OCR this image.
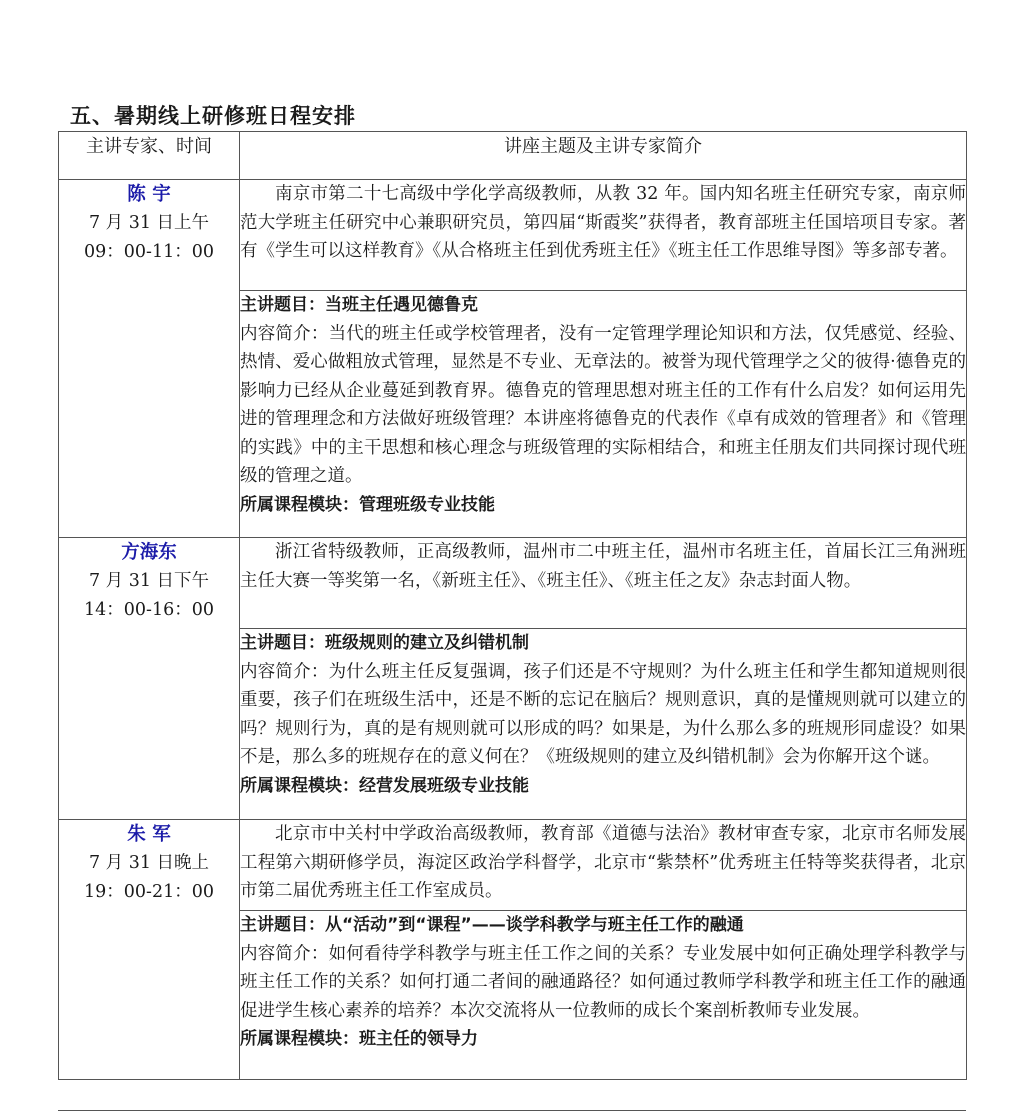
五、暑期线上研修班日程安排
主讲专家、时间	讲座主题及主讲专家简介

陈 宇
7 月 31 日上午
09：00-11：00	南京市第二十七高级中学化学高级教师，从教 32 年。国内知名班主任研究专家，南京师范大学班主任研究中心兼职研究员，第四届“斯霞奖”获得者，教育部班主任国培项目专家。著有《学生可以这样教育》《从合格班主任到优秀班主任》《班主任工作思维导图》等多部专著。

	主讲题目：当班主任遇见德鲁克

内容简介：当代的班主任或学校管理者，没有一定管理学理论知识和方法，仅凭感觉、经验、热情、爱心做粗放式管理，显然是不专业、无章法的。被誉为现代管理学之父的彼得·德鲁克的影响力已经从企业蔓延到教育界。德鲁克的管理思想对班主任的工作有什么启发？如何运用先进的管理理念和方法做好班级管理？本讲座将德鲁克的代表作《卓有成效的管理者》和《管理的实践》中的主干思想和核心理念与班级管理的实际相结合，和班主任朋友们共同探讨现代班级的管理之道。

所属课程模块：管理班级专业技能

方海东
7 月 31 日下午
14：00-16：00	浙江省特级教师，正高级教师，温州市二中班主任，温州市名班主任，首届长江三角洲班主任大赛一等奖第一名，《新班主任》、《班主任》、《班主任之友》杂志封面人物。

	主讲题目：班级规则的建立及纠错机制

内容简介：为什么班主任反复强调，孩子们还是不守规则？为什么班主任和学生都知道规则很重要，孩子们在班级生活中，还是不断的忘记在脑后？规则意识，真的是懂规则就可以建立的吗？规则行为，真的是有规则就可以形成的吗？如果是，为什么那么多的班规形同虚设？如果不是，那么多的班规存在的意义何在？《班级规则的建立及纠错机制》会为你解开这个谜。

所属课程模块：经营发展班级专业技能

朱 军
7 月 31 日晚上
19：00-21：00	北京市中关村中学政治高级教师，教育部《道德与法治》教材审查专家，北京市名师发展工程第六期研修学员，海淀区政治学科督学，北京市“紫禁杯”优秀班主任特等奖获得者，北京市第二届优秀班主任工作室成员。

	主讲题目：从“活动”到“课程”——谈学科教学与班主任工作的融通

内容简介：如何看待学科教学与班主任工作之间的关系？专业发展中如何正确处理学科教学与班主任工作的关系？如何打通二者间的融通路径？如何通过教师学科教学和班主任工作的融通促进学生核心素养的培养？本次交流将从一位教师的成长个案剖析教师专业发展。

所属课程模块：班主任的领导力
